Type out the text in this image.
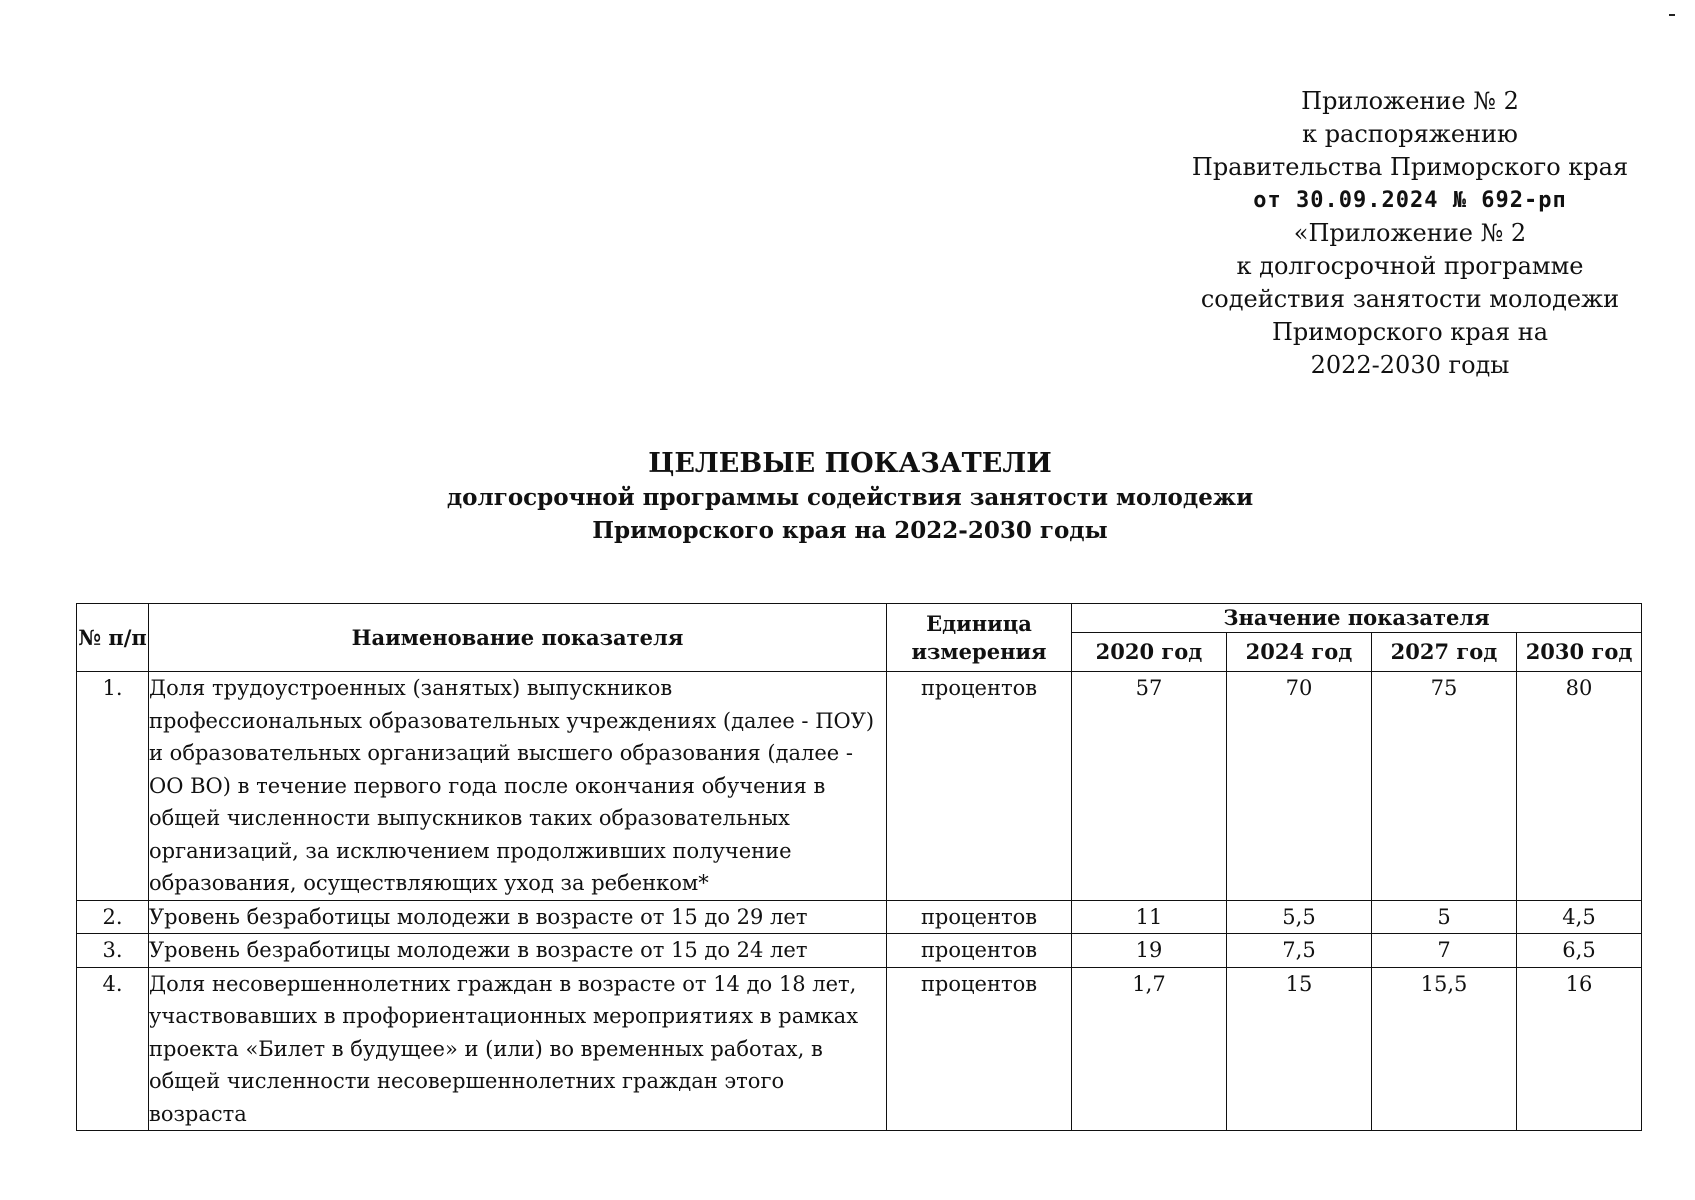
Приложение № 2
к распоряжению
Правительства Приморского края
от 30.09.2024 № 692-рп
«Приложение № 2
к долгосрочной программе
содействия занятости молодежи
Приморского края на
2022-2030 годы
ЦЕЛЕВЫЕ ПОКАЗАТЕЛИ
долгосрочной программы содействия занятости молодежи
Приморского края на 2022-2030 годы
№ п/п	Наименование показателя	Единица измерения	Значение показателя			
			2020 год	2024 год	2027 год	2030 год
1.	Доля трудоустроенных (занятых) выпускников профессиональных образовательных учреждениях (далее - ПОУ) и образовательных организаций высшего образования (далее - ОО ВО) в течение первого года после окончания обучения в общей численности выпускников таких образовательных организаций, за исключением продолживших получение образования, осуществляющих уход за ребенком*	процентов	57	70	75	80
2.	Уровень безработицы молодежи в возрасте от 15 до 29 лет	процентов	11	5,5	5	4,5
3.	Уровень безработицы молодежи в возрасте от 15 до 24 лет	процентов	19	7,5	7	6,5
4.	Доля несовершеннолетних граждан в возрасте от 14 до 18 лет, участвовавших в профориентационных мероприятиях в рамках проекта «Билет в будущее» и (или) во временных работах, в общей численности несовершеннолетних граждан этого возраста	процентов	1,7	15	15,5	16
